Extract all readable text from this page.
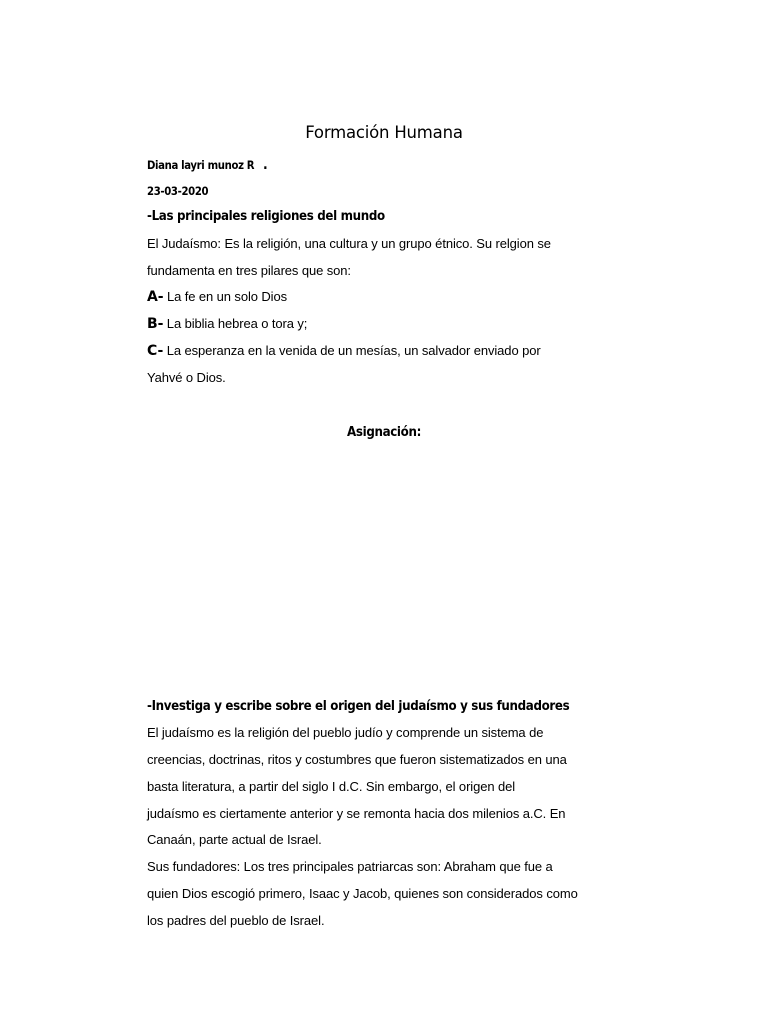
Formación Humana
Diana layri munoz R .
23-03-2020
-Las principales religiones del mundo
El Judaísmo: Es la religión, una cultura y un grupo étnico. Su relgion se
fundamenta en tres pilares que son:
A- La fe en un solo Dios
B- La biblia hebrea o tora y;
C- La esperanza en la venida de un mesías, un salvador enviado por
Yahvé o Dios.
Asignación:
-Investiga y escribe sobre el origen del judaísmo y sus fundadores
El judaísmo es la religión del pueblo judío y comprende un sistema de
creencias, doctrinas, ritos y costumbres que fueron sistematizados en una
basta literatura, a partir del siglo I d.C. Sin embargo, el origen del
judaísmo es ciertamente anterior y se remonta hacia dos milenios a.C. En
Canaán, parte actual de Israel.
Sus fundadores: Los tres principales patriarcas son: Abraham que fue a
quien Dios escogió primero, Isaac y Jacob, quienes son considerados como
los padres del pueblo de Israel.
